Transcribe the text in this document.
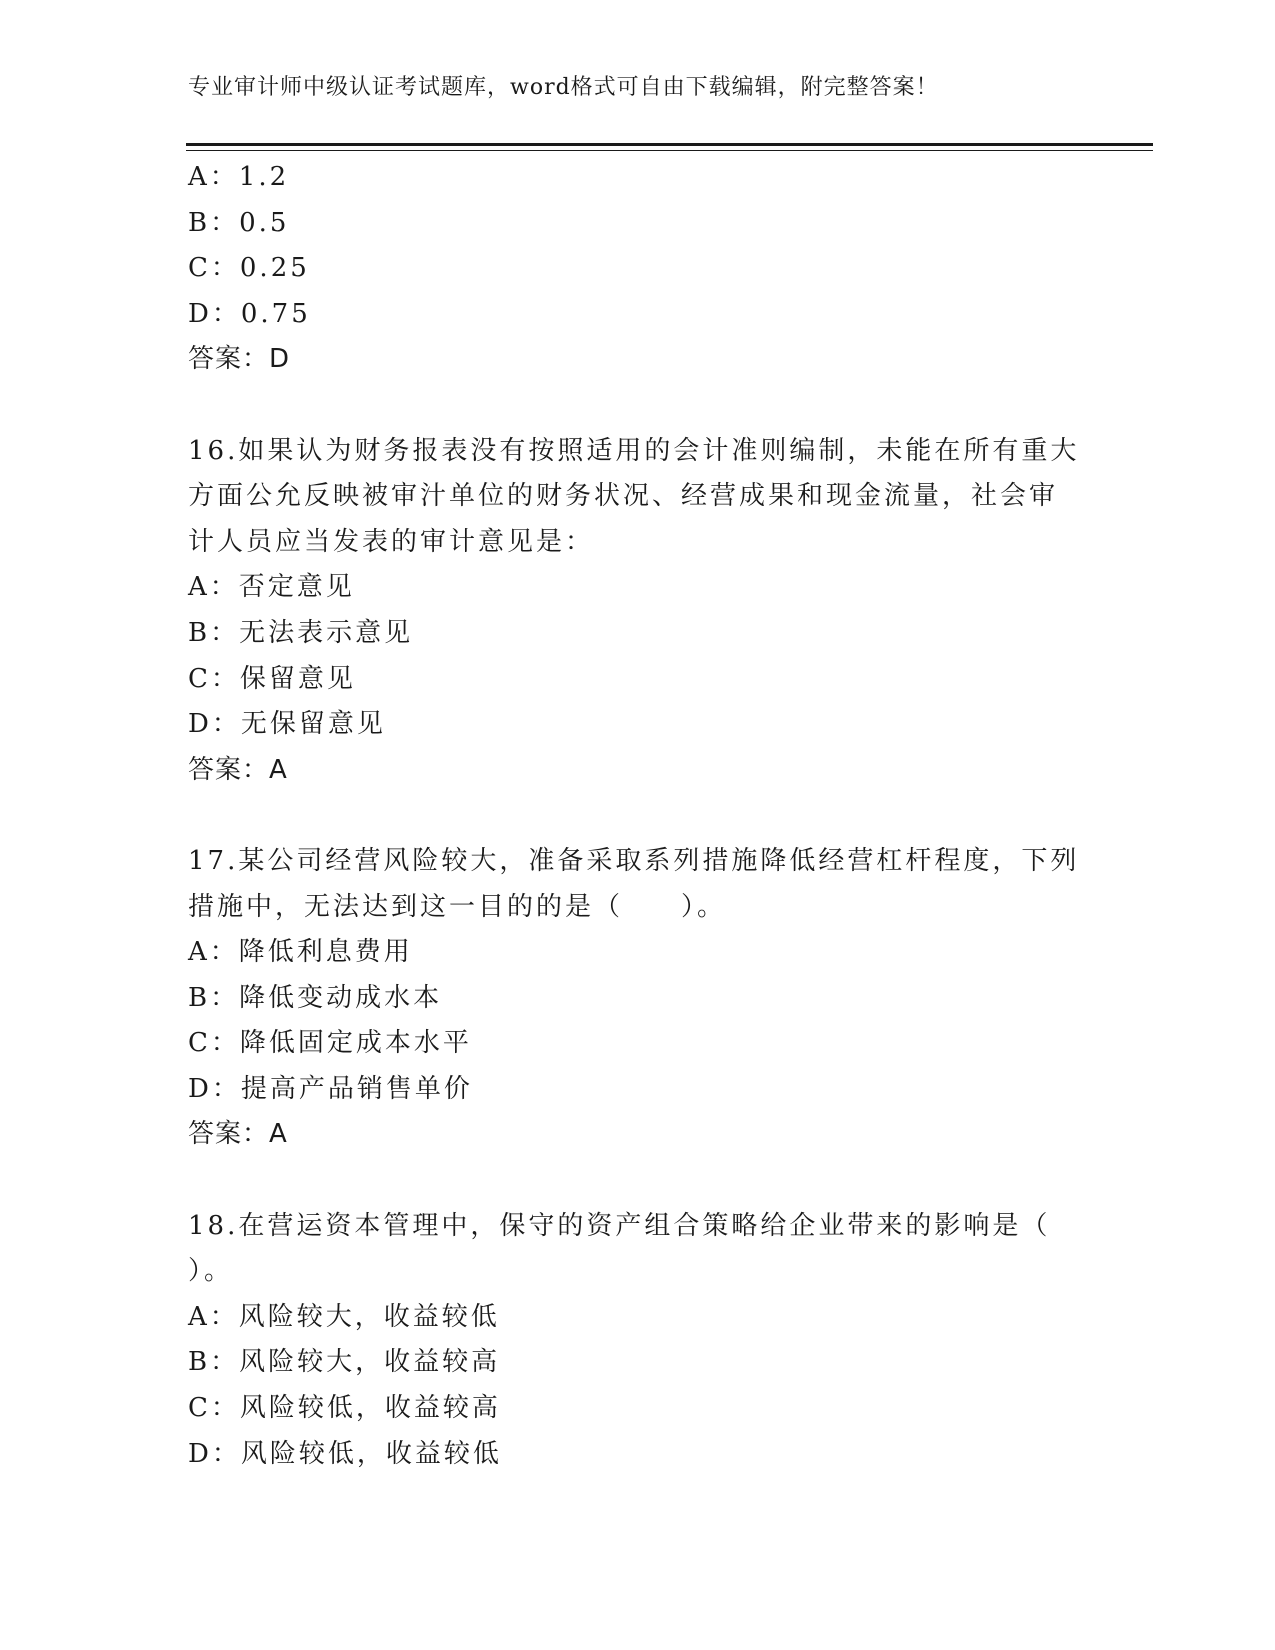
专业审计师中级认证考试题库，word格式可自由下载编辑，附完整答案！
A：1.2
B：0.5
C：0.25
D：0.75
答案：D
16.如果认为财务报表没有按照适用的会计准则编制，未能在所有重大
方面公允反映被审汁单位的财务状况、经营成果和现金流量，社会审
计人员应当发表的审计意见是：
A：否定意见
B：无法表示意见
C：保留意见
D：无保留意见
答案：A
17.某公司经营风险较大，准备采取系列措施降低经营杠杆程度，下列
措施中，无法达到这一目的的是（　　）。
A：降低利息费用
B：降低变动成水本
C：降低固定成本水平
D：提高产品销售单价
答案：A
18.在营运资本管理中，保守的资产组合策略给企业带来的影响是（
）。
A：风险较大，收益较低
B：风险较大，收益较高
C：风险较低，收益较高
D：风险较低，收益较低
